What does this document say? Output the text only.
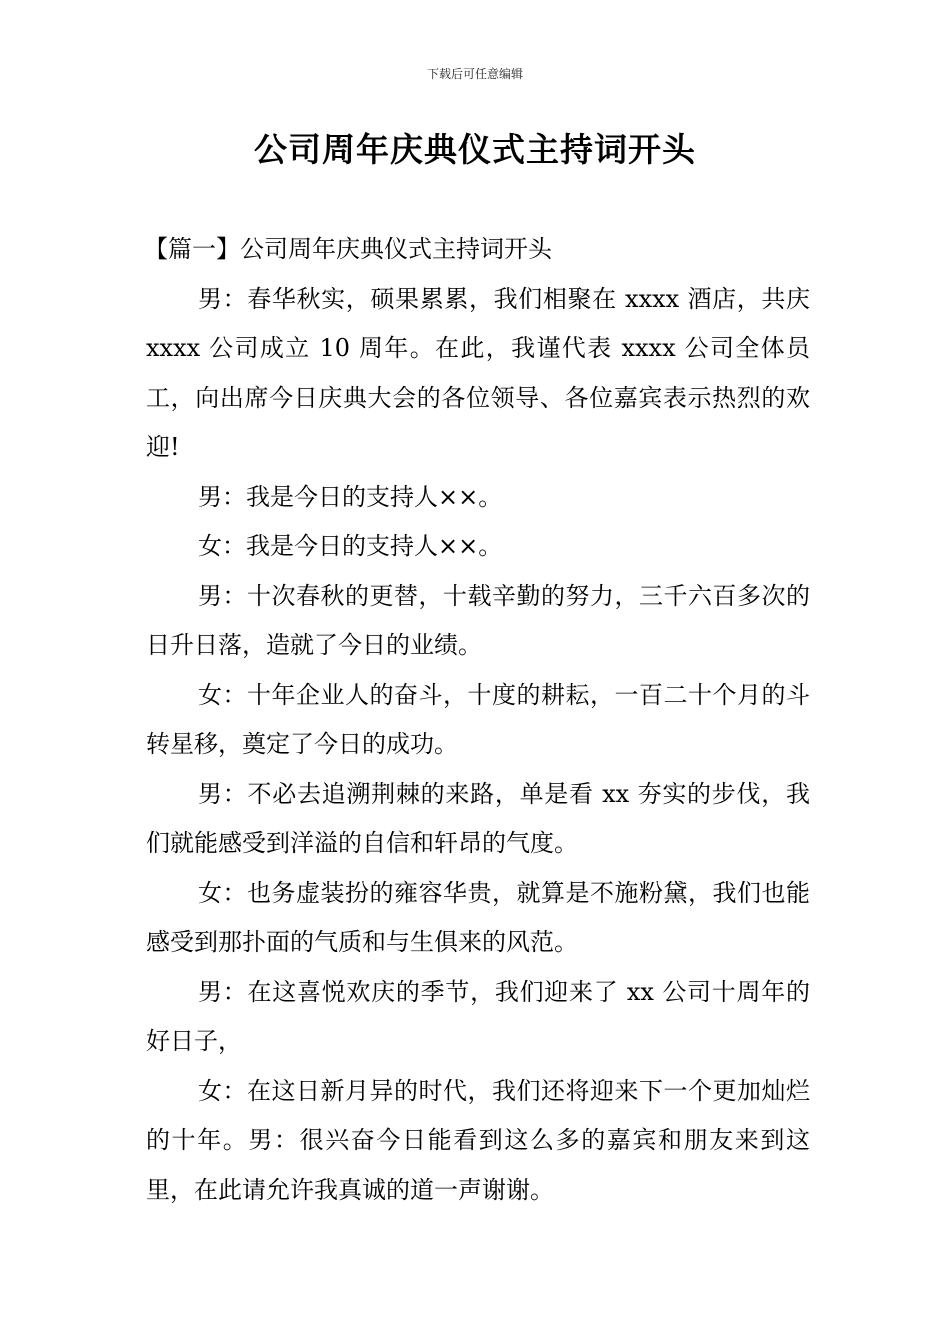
下载后可任意编辑
公司周年庆典仪式主持词开头

【篇一】公司周年庆典仪式主持词开头

男：春华秋实，硕果累累，我们相聚在 xxxx 酒店，共庆 xxxx 公司成立 10 周年。在此，我谨代表 xxxx 公司全体员工，向出席今日庆典大会的各位领导、各位嘉宾表示热烈的欢迎!

男：我是今日的支持人××。

女：我是今日的支持人××。

男：十次春秋的更替，十载辛勤的努力，三千六百多次的日升日落，造就了今日的业绩。

女：十年企业人的奋斗，十度的耕耘，一百二十个月的斗转星移，奠定了今日的成功。

男：不必去追溯荆棘的来路，单是看 xx 夯实的步伐，我们就能感受到洋溢的自信和轩昂的气度。

女：也务虚装扮的雍容华贵，就算是不施粉黛，我们也能感受到那扑面的气质和与生俱来的风范。

男：在这喜悦欢庆的季节，我们迎来了 xx 公司十周年的好日子，

女：在这日新月异的时代，我们还将迎来下一个更加灿烂的十年。男：很兴奋今日能看到这么多的嘉宾和朋友来到这里，在此请允许我真诚的道一声谢谢。
